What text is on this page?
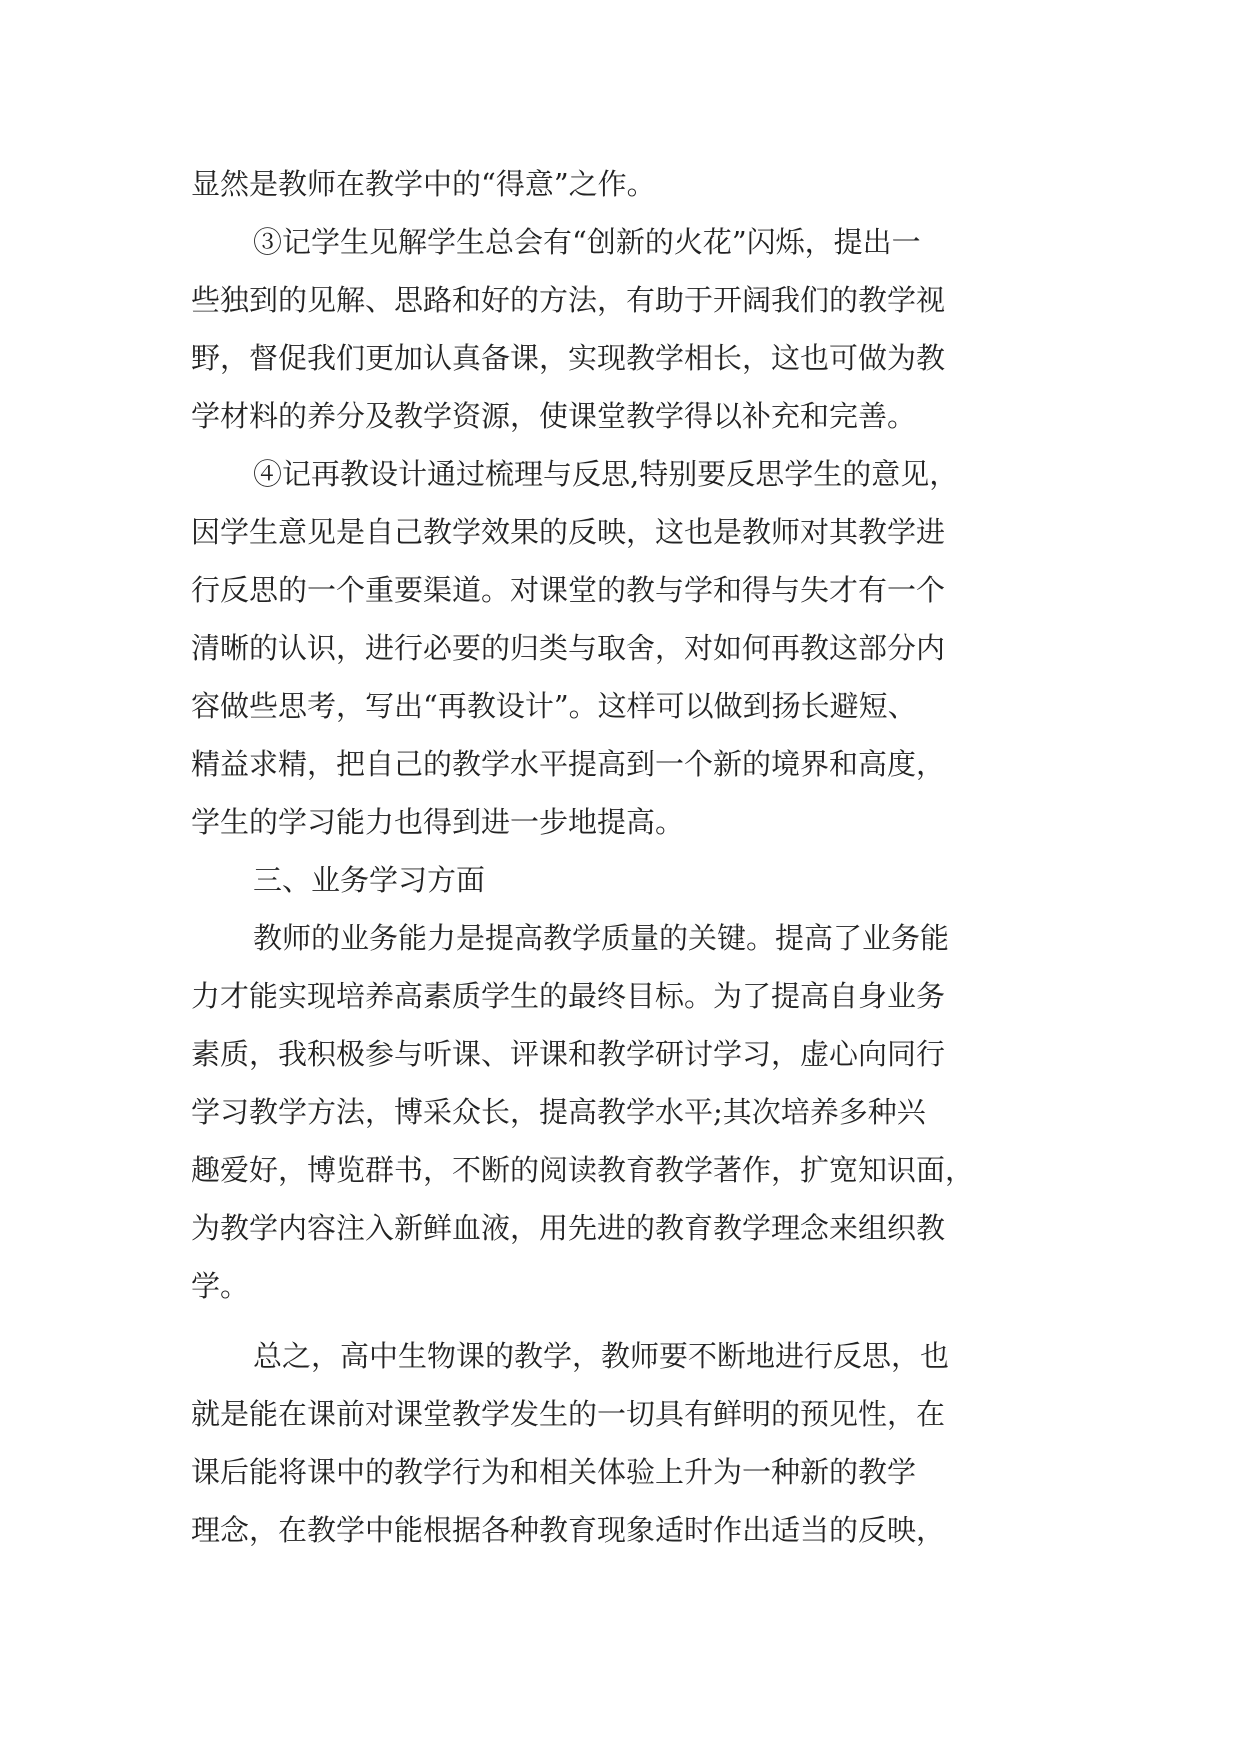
显然是教师在教学中的“得意”之作。
③记学生见解学生总会有“创新的火花”闪烁，提出一
些独到的见解、思路和好的方法，有助于开阔我们的教学视
野，督促我们更加认真备课，实现教学相长，这也可做为教
学材料的养分及教学资源，使课堂教学得以补充和完善。
④记再教设计通过梳理与反思,特别要反思学生的意见，
因学生意见是自己教学效果的反映，这也是教师对其教学进
行反思的一个重要渠道。对课堂的教与学和得与失才有一个
清晰的认识，进行必要的归类与取舍，对如何再教这部分内
容做些思考，写出“再教设计”。这样可以做到扬长避短、
精益求精，把自己的教学水平提高到一个新的境界和高度，
学生的学习能力也得到进一步地提高。
三、业务学习方面
教师的业务能力是提高教学质量的关键。提高了业务能
力才能实现培养高素质学生的最终目标。为了提高自身业务
素质，我积极参与听课、评课和教学研讨学习，虚心向同行
学习教学方法，博采众长，提高教学水平;其次培养多种兴
趣爱好，博览群书，不断的阅读教育教学著作，扩宽知识面，
为教学内容注入新鲜血液，用先进的教育教学理念来组织教
学。
总之，高中生物课的教学，教师要不断地进行反思，也
就是能在课前对课堂教学发生的一切具有鲜明的预见性，在
课后能将课中的教学行为和相关体验上升为一种新的教学
理念，在教学中能根据各种教育现象适时作出适当的反映，
